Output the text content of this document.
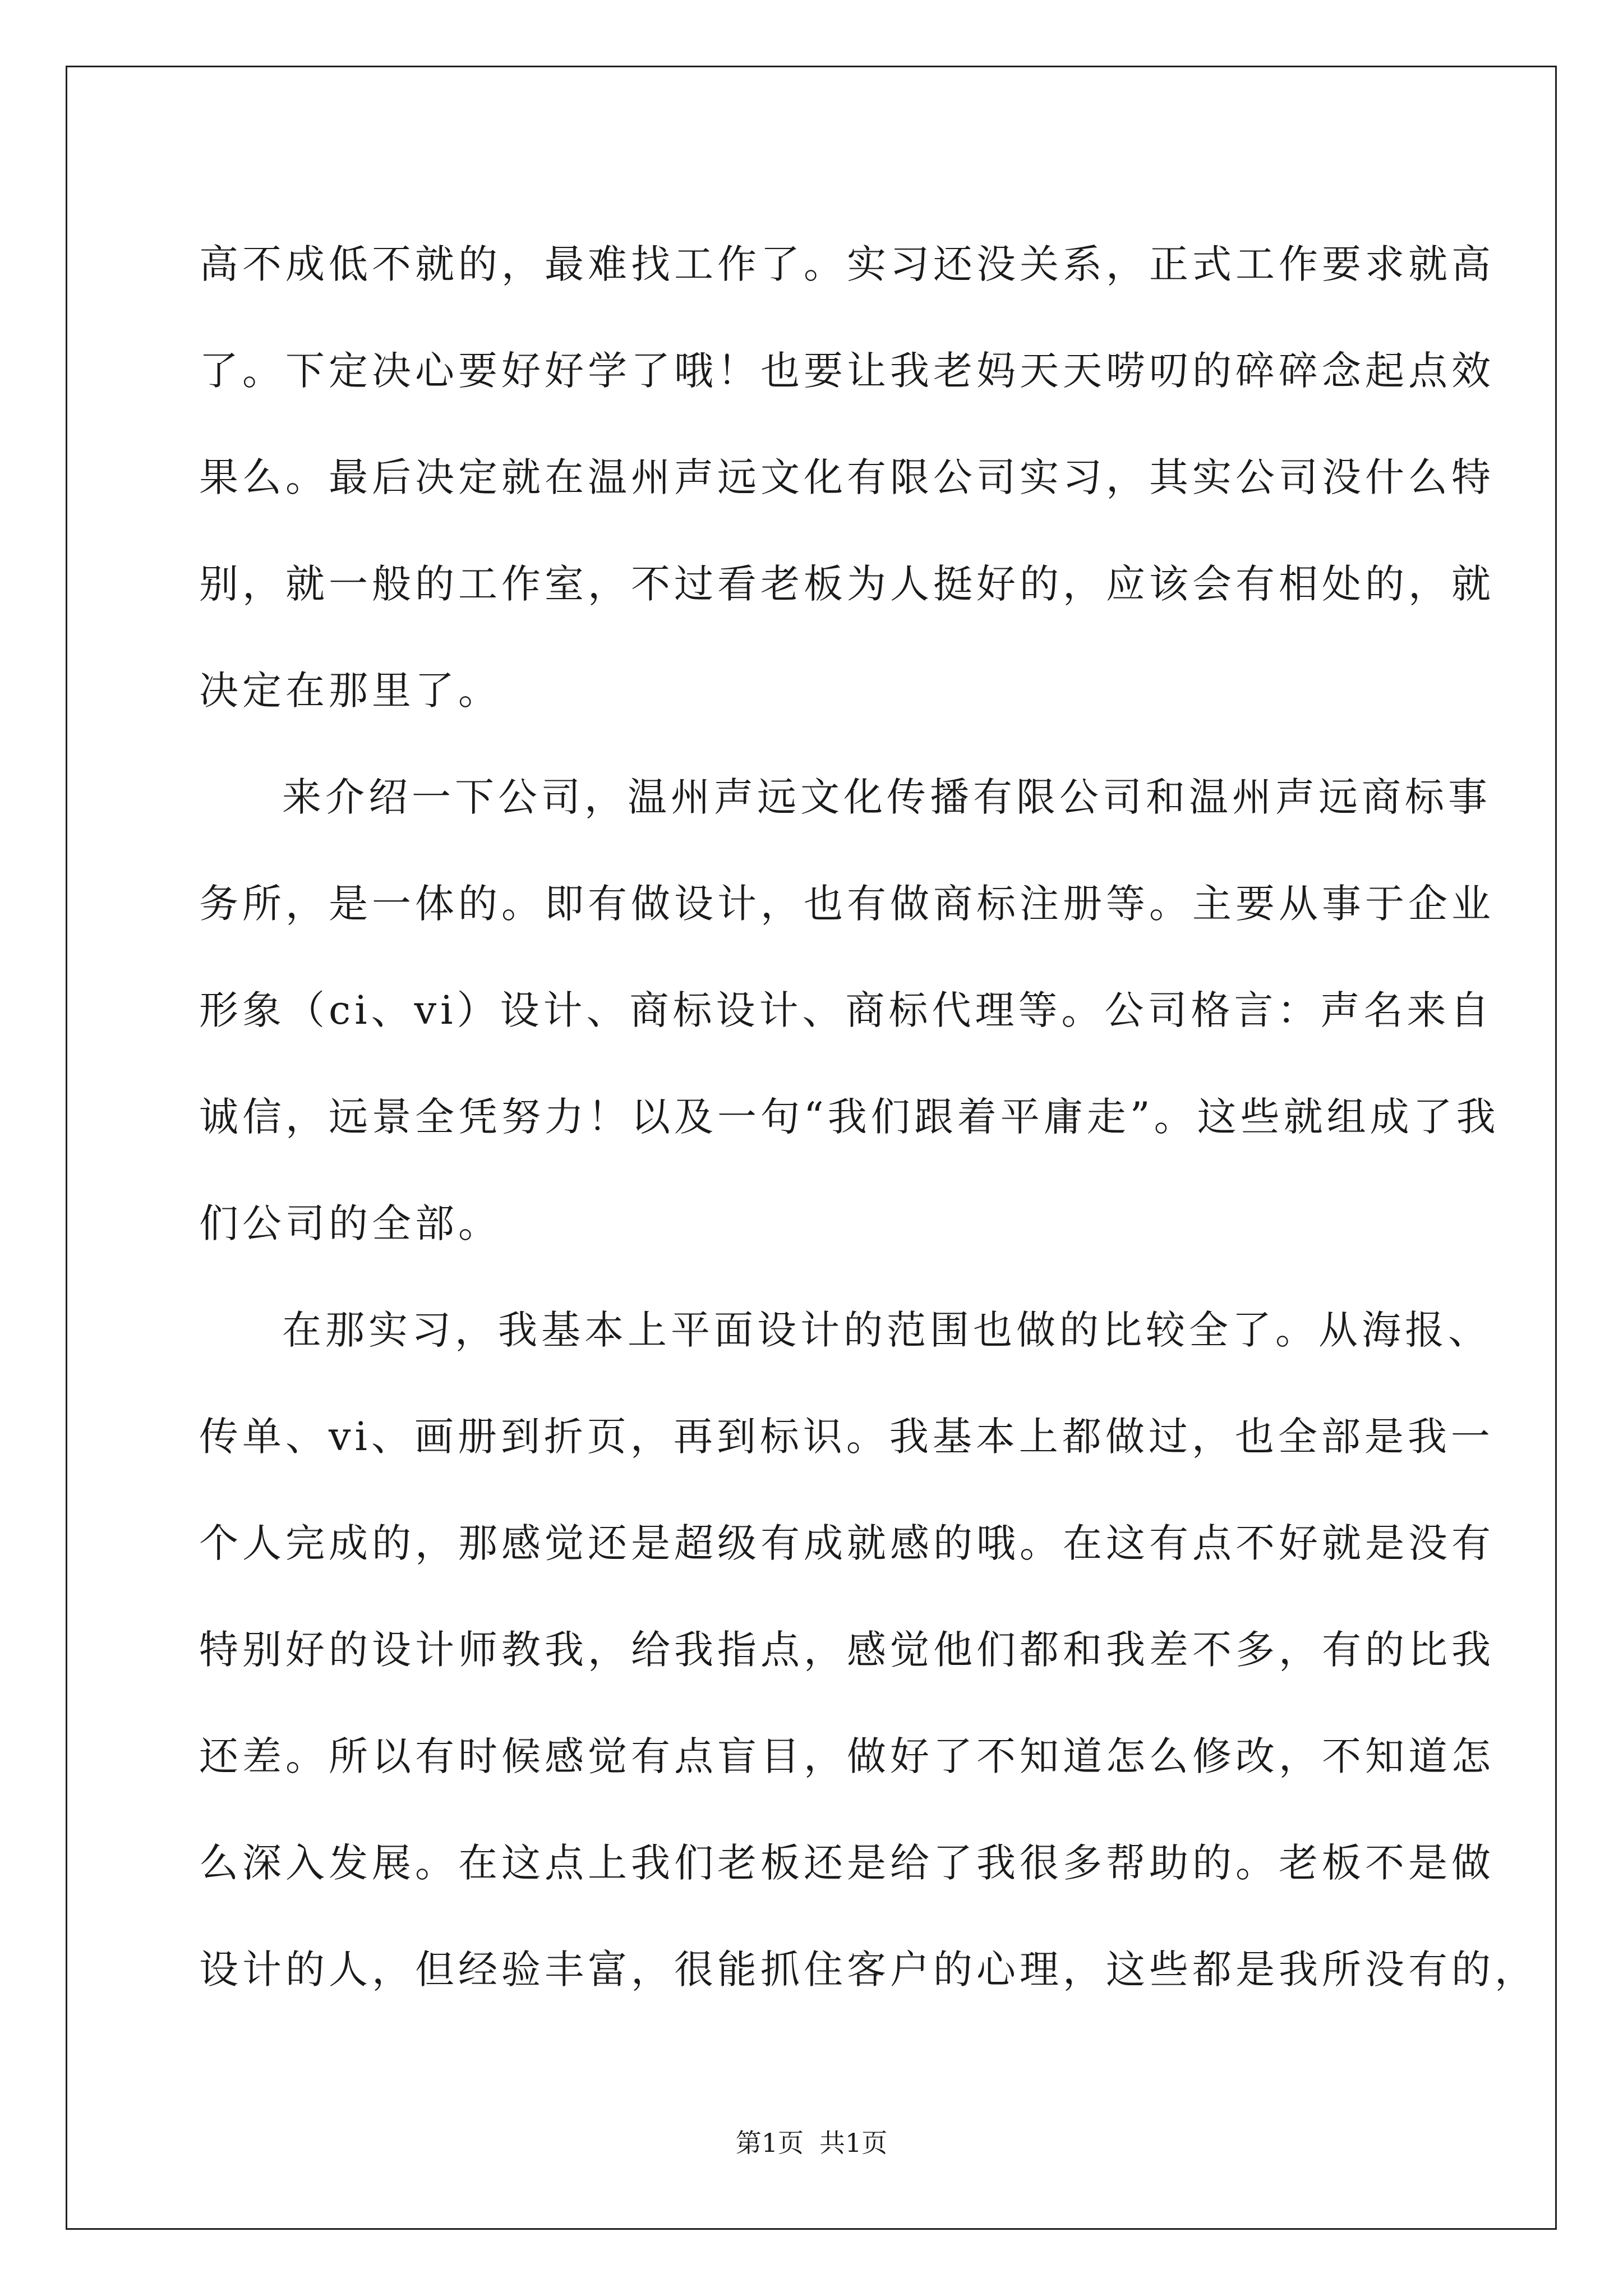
高不成低不就的，最难找工作了。实习还没关系，正式工作要求就高
了。下定决心要好好学了哦！也要让我老妈天天唠叨的碎碎念起点效
果么。最后决定就在温州声远文化有限公司实习，其实公司没什么特
别，就一般的工作室，不过看老板为人挺好的，应该会有相处的，就
决定在那里了。
来介绍一下公司，温州声远文化传播有限公司和温州声远商标事
务所，是一体的。即有做设计，也有做商标注册等。主要从事于企业
形象（ci、vi）设计、商标设计、商标代理等。公司格言：声名来自
诚信，远景全凭努力！以及一句“我们跟着平庸走”。这些就组成了我
们公司的全部。
在那实习，我基本上平面设计的范围也做的比较全了。从海报、
传单、vi、画册到折页，再到标识。我基本上都做过，也全部是我一
个人完成的，那感觉还是超级有成就感的哦。在这有点不好就是没有
特别好的设计师教我，给我指点，感觉他们都和我差不多，有的比我
还差。所以有时候感觉有点盲目，做好了不知道怎么修改，不知道怎
么深入发展。在这点上我们老板还是给了我很多帮助的。老板不是做
设计的人，但经验丰富，很能抓住客户的心理，这些都是我所没有的，
第1页 共1页
